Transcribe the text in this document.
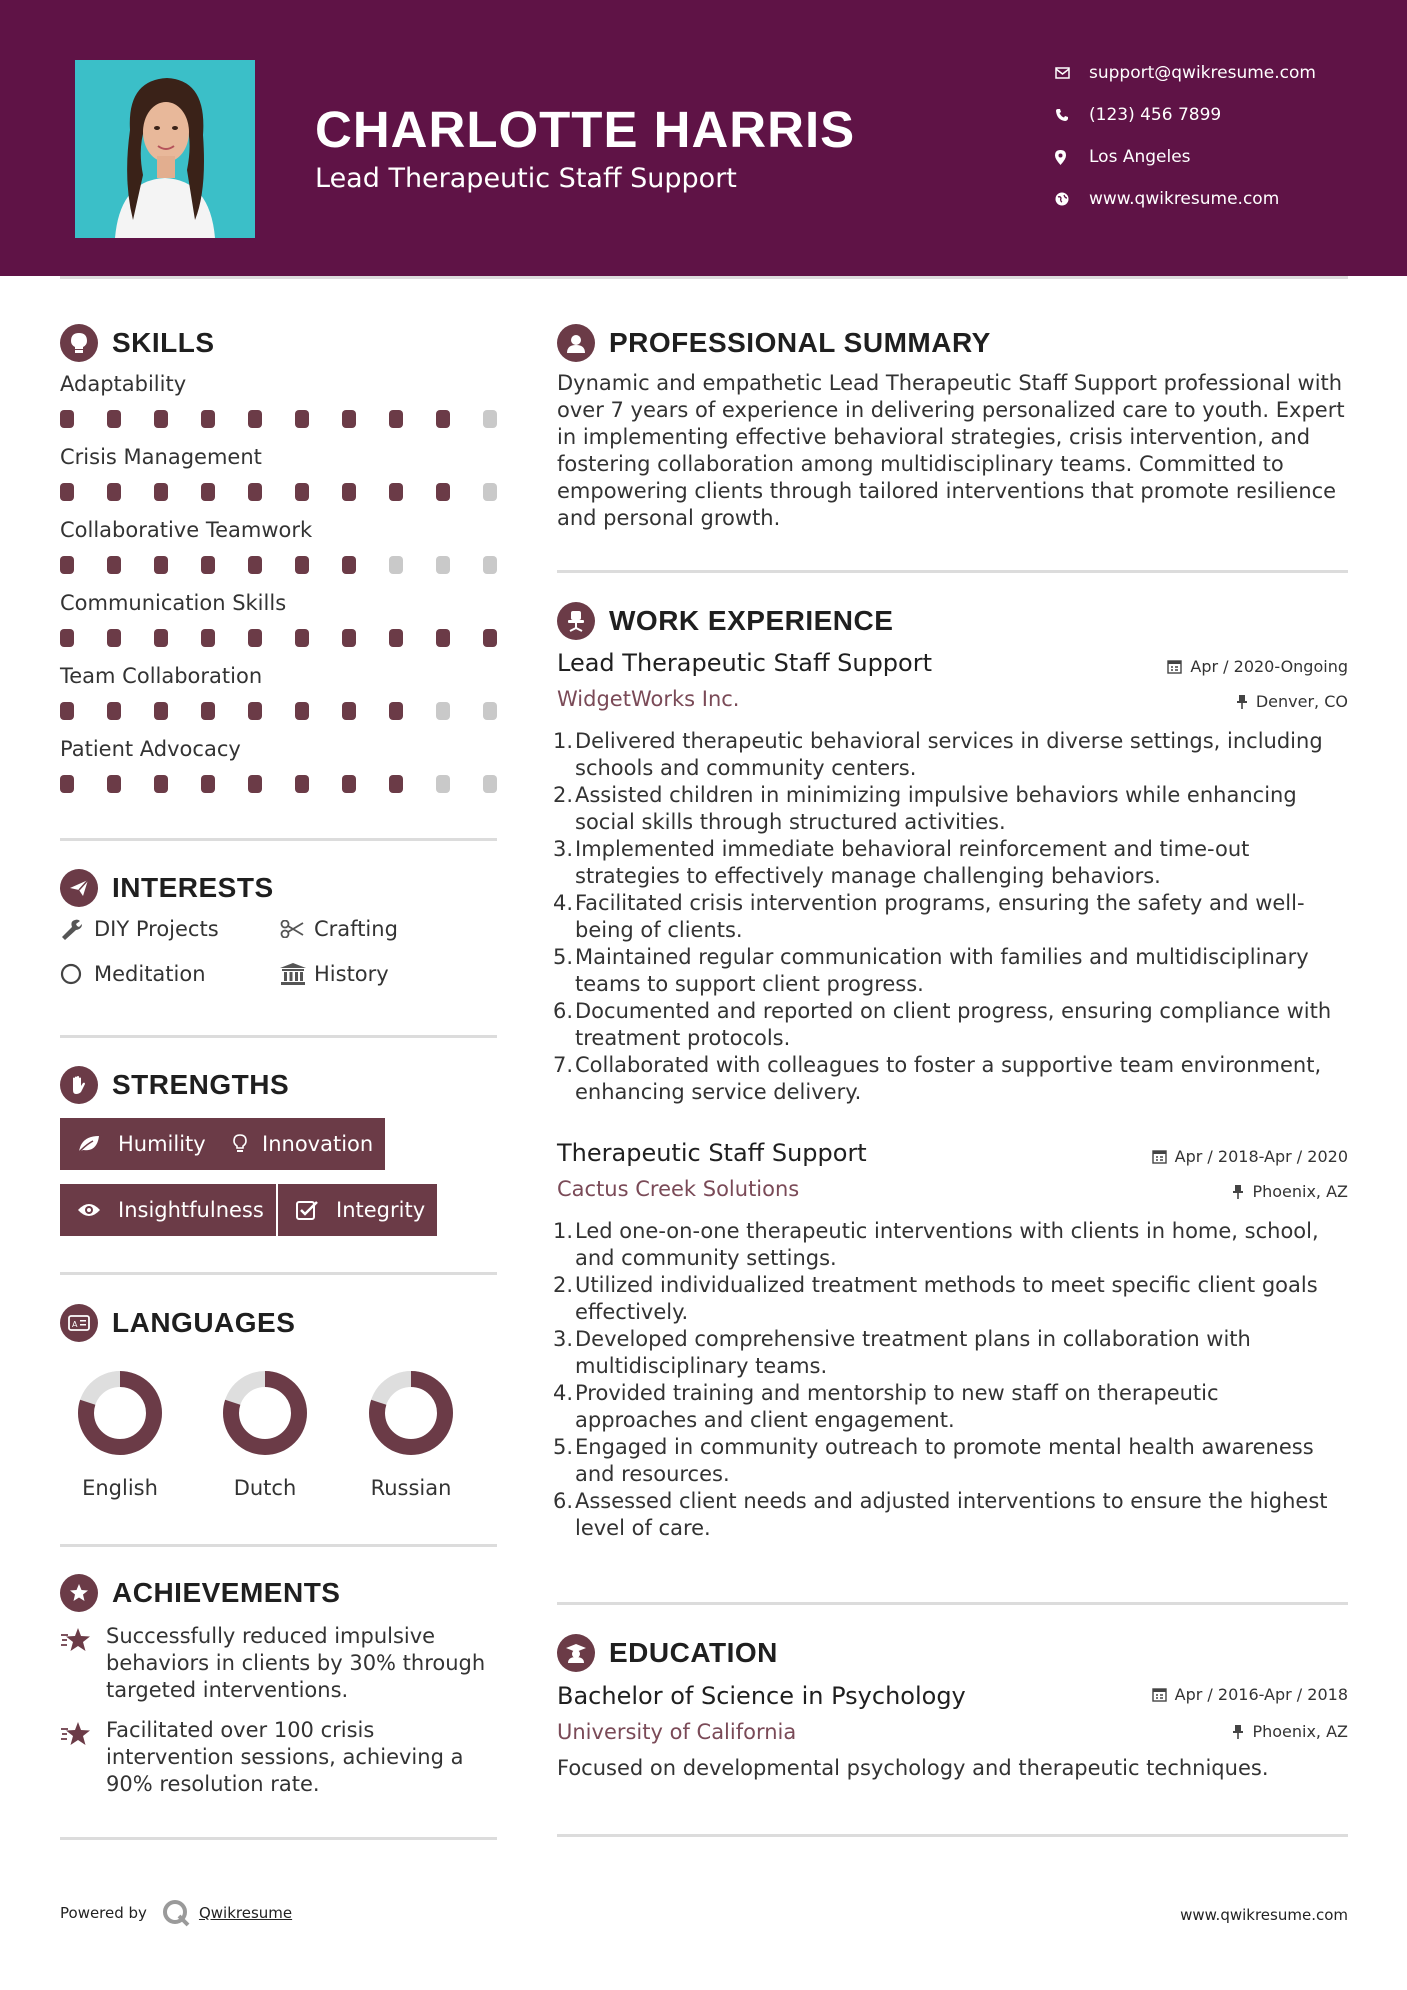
CHARLOTTE HARRIS
Lead Therapeutic Staff Support
support@qwikresume.com
(123) 456 7899
Los Angeles
www.qwikresume.com
SKILLS
Adaptability
Crisis Management
Collaborative Teamwork
Communication Skills
Team Collaboration
Patient Advocacy
INTERESTS
DIY Projects	Crafting
Meditation	History
STRENGTHS
Humility	Innovation
Insightfulness	Integrity
A LANGUAGES
English	Dutch	Russian
ACHIEVEMENTS
Successfully reduced impulsive behaviors in clients by 30% through targeted interventions.
Facilitated over 100 crisis intervention sessions, achieving a 90% resolution rate.
PROFESSIONAL SUMMARY
Dynamic and empathetic Lead Therapeutic Staff Support professional with over 7 years of experience in delivering personalized care to youth. Expert in implementing effective behavioral strategies, crisis intervention, and fostering collaboration among multidisciplinary teams. Committed to empowering clients through tailored interventions that promote resilience and personal growth.
WORK EXPERIENCE
Lead Therapeutic Staff Support	Apr / 2020-Ongoing
WidgetWorks Inc.	Denver, CO
1. Delivered therapeutic behavioral services in diverse settings, including schools and community centers.
2. Assisted children in minimizing impulsive behaviors while enhancing social skills through structured activities.
3. Implemented immediate behavioral reinforcement and time-out strategies to effectively manage challenging behaviors.
4. Facilitated crisis intervention programs, ensuring the safety and well-being of clients.
5. Maintained regular communication with families and multidisciplinary teams to support client progress.
6. Documented and reported on client progress, ensuring compliance with treatment protocols.
7. Collaborated with colleagues to foster a supportive team environment, enhancing service delivery.
Therapeutic Staff Support	Apr / 2018-Apr / 2020
Cactus Creek Solutions	Phoenix, AZ
1. Led one-on-one therapeutic interventions with clients in home, school, and community settings.
2. Utilized individualized treatment methods to meet specific client goals effectively.
3. Developed comprehensive treatment plans in collaboration with multidisciplinary teams.
4. Provided training and mentorship to new staff on therapeutic approaches and client engagement.
5. Engaged in community outreach to promote mental health awareness and resources.
6. Assessed client needs and adjusted interventions to ensure the highest level of care.
EDUCATION
Bachelor of Science in Psychology	Apr / 2016-Apr / 2018
University of California	Phoenix, AZ
Focused on developmental psychology and therapeutic techniques.
Powered by	Qwikresume	www.qwikresume.com
